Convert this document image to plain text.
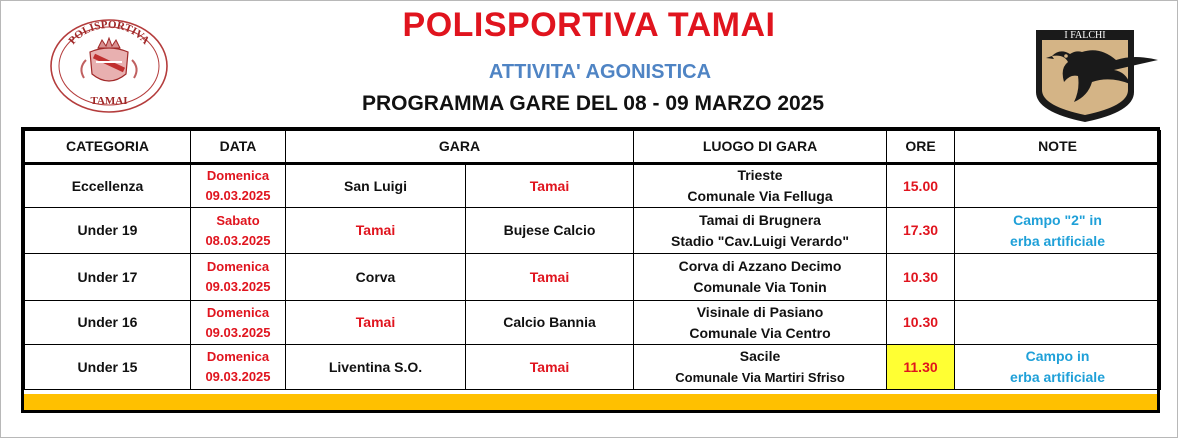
POLISPORTIVA
TAMAI
I FALCHI
POLISPORTIVA TAMAI
ATTIVITA' AGONISTICA
PROGRAMMA GARE DEL 08 - 09 MARZO 2025
CATEGORIA	DATA	GARA		LUOGO DI GARA	ORE	NOTE
Eccellenza	Domenica
09.03.2025	San Luigi	Tamai	Trieste
Comunale Via Felluga	15.00	

Under 19	Sabato
08.03.2025	Tamai	Bujese Calcio	Tamai di Brugnera
Stadio "Cav.Luigi Verardo"	17.30	Campo "2" in
erba artificiale

Under 17	Domenica
09.03.2025	Corva	Tamai	Corva di Azzano Decimo
Comunale Via Tonin	10.30	

Under 16	Domenica
09.03.2025	Tamai	Calcio Bannia	Visinale di Pasiano
Comunale Via Centro	10.30	

Under 15	Domenica
09.03.2025	Liventina S.O.	Tamai	Sacile
Comunale Via Martiri Sfriso	11.30	Campo in
erba artificiale
